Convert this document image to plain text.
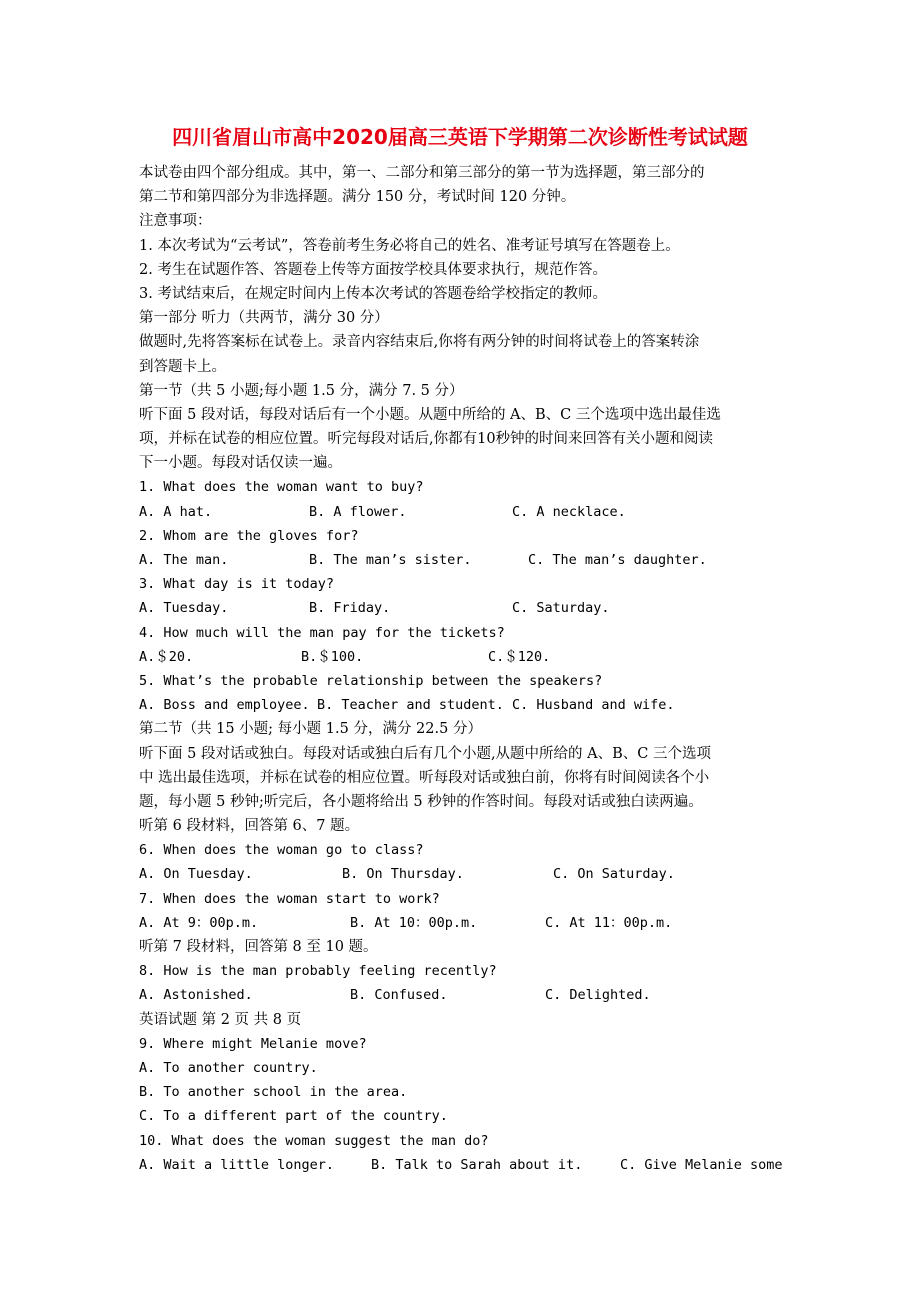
四川省眉山市高中2020届高三英语下学期第二次诊断性考试试题
本试卷由四个部分组成。其中，第一、二部分和第三部分的第一节为选择题，第三部分的
第二节和第四部分为非选择题。满分 150 分，考试时间 120 分钟。
注意事项：
1. 本次考试为“云考试”，答卷前考生务必将自己的姓名、准考证号填写在答题卷上。
2. 考生在试题作答、答题卷上传等方面按学校具体要求执行，规范作答。
3. 考试结束后，在规定时间内上传本次考试的答题卷给学校指定的教师。
第一部分 听力（共两节，满分 30 分）
做题时,先将答案标在试卷上。录音内容结束后,你将有两分钟的时间将试卷上的答案转涂
到答题卡上。
第一节（共 5 小题;每小题 1.5 分，满分 7. 5 分）
听下面 5 段对话，每段对话后有一个小题。从题中所给的 A、B、C 三个选项中选出最佳选
项，并标在试卷的相应位置。听完每段对话后,你都有10秒钟的时间来回答有关小题和阅读
下一小题。每段对话仅读一遍。
1. What does the woman want to buy?
A. A hat.	B. A flower.	C. A necklace.
2. Whom are the gloves for?
A. The man.	B. The man’s sister.	C. The man’s daughter.
3. What day is it today?
A. Tuesday.	B. Friday.	C. Saturday.
4. How much will the man pay for the tickets?
A.＄20.	B.＄100.	C.＄120.
5. What’s the probable relationship between the speakers?
A. Boss and employee. B. Teacher and student. C. Husband and wife.
第二节（共 15 小题; 每小题 1.5 分，满分 22.5 分）
听下面 5 段对话或独白。每段对话或独白后有几个小题,从题中所给的 A、B、C 三个选项
中 选出最佳选项，并标在试卷的相应位置。听每段对话或独白前，你将有时间阅读各个小
题，每小题 5 秒钟;听完后，各小题将给出 5 秒钟的作答时间。每段对话或独白读两遍。
听第 6 段材料，回答第 6、7 题。
6. When does the woman go to class?
A. On Tuesday.	B. On Thursday.	C. On Saturday.
7. When does the woman start to work?
A. At 9：00p.m.	B. At 10：00p.m.	C. At 11：00p.m.
听第 7 段材料，回答第 8 至 10 题。
8. How is the man probably feeling recently?
A. Astonished.	B. Confused.	C. Delighted.
英语试题 第 2 页 共 8 页
9. Where might Melanie move?
A. To another country.
B. To another school in the area.
C. To a different part of the country.
10. What does the woman suggest the man do?
A. Wait a little longer.	B. Talk to Sarah about it.	C. Give Melanie some
